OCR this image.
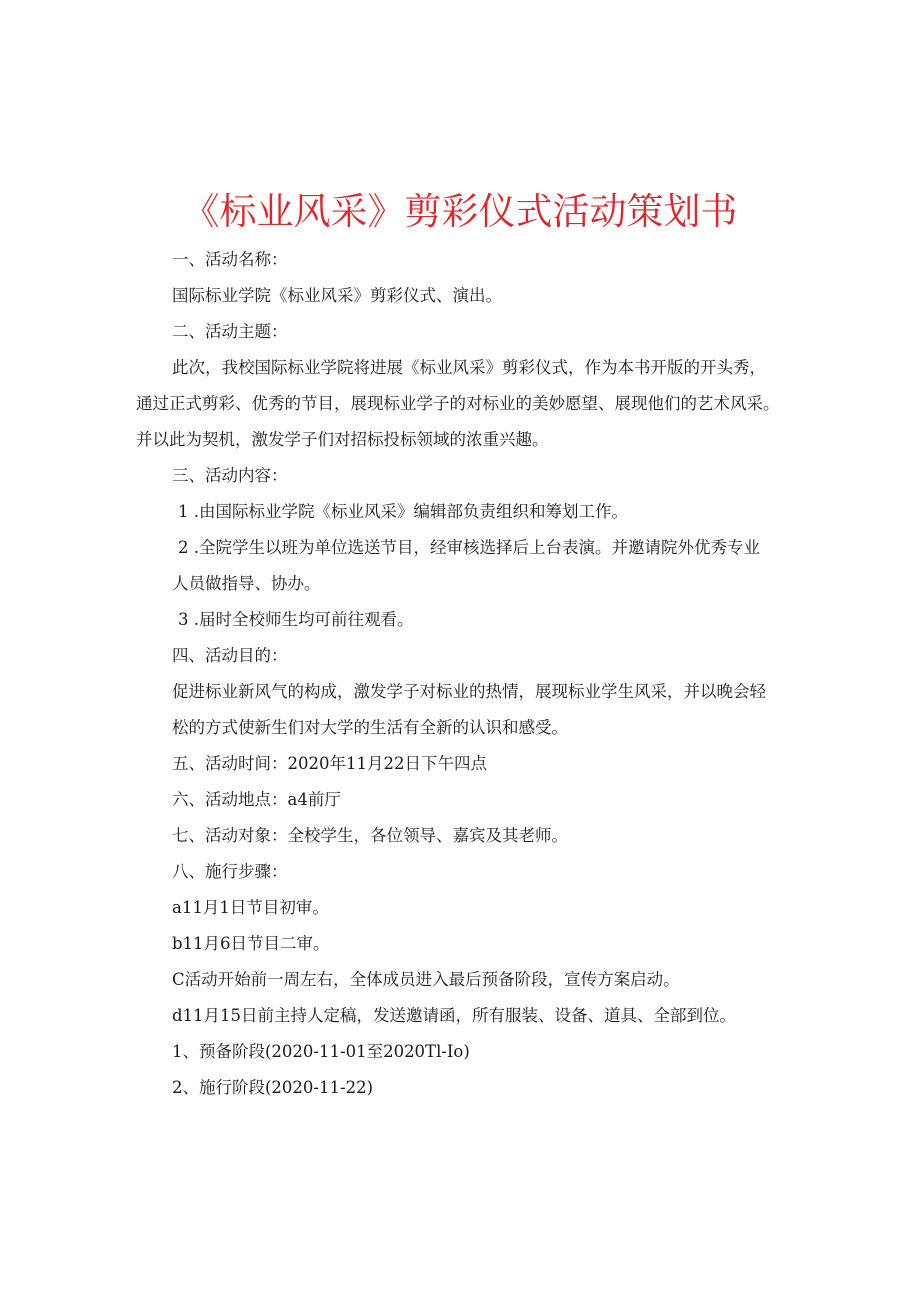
《标业风采》剪彩仪式活动策划书

一、活动名称：

国际标业学院《标业风采》剪彩仪式、演出。

二、活动主题：

此次，我校国际标业学院将进展《标业风采》剪彩仪式，作为本书开版的开头秀，

通过正式剪彩、优秀的节目，展现标业学子的对标业的美妙愿望、展现他们的艺术风采。

并以此为契机，激发学子们对招标投标领域的浓重兴趣。

三、活动内容：

1 .由国际标业学院《标业风采》编辑部负责组织和筹划工作。

2 .全院学生以班为单位选送节目，经审核选择后上台表演。并邀请院外优秀专业

人员做指导、协办。

3 .届时全校师生均可前往观看。

四、活动目的：

促进标业新风气的构成，激发学子对标业的热情，展现标业学生风采，并以晚会轻

松的方式使新生们对大学的生活有全新的认识和感受。

五、活动时间：2020年11月22日下午四点

六、活动地点：a4前厅

七、活动对象：全校学生，各位领导、嘉宾及其老师。

八、施行步骤：

a11月1日节目初审。

b11月6日节目二审。

C活动开始前一周左右，全体成员进入最后预备阶段，宣传方案启动。

d11月15日前主持人定稿，发送邀请函，所有服装、设备、道具、全部到位。

1、预备阶段(2020-11-01至2020Tl-Io)

2、施行阶段(2020-11-22)
